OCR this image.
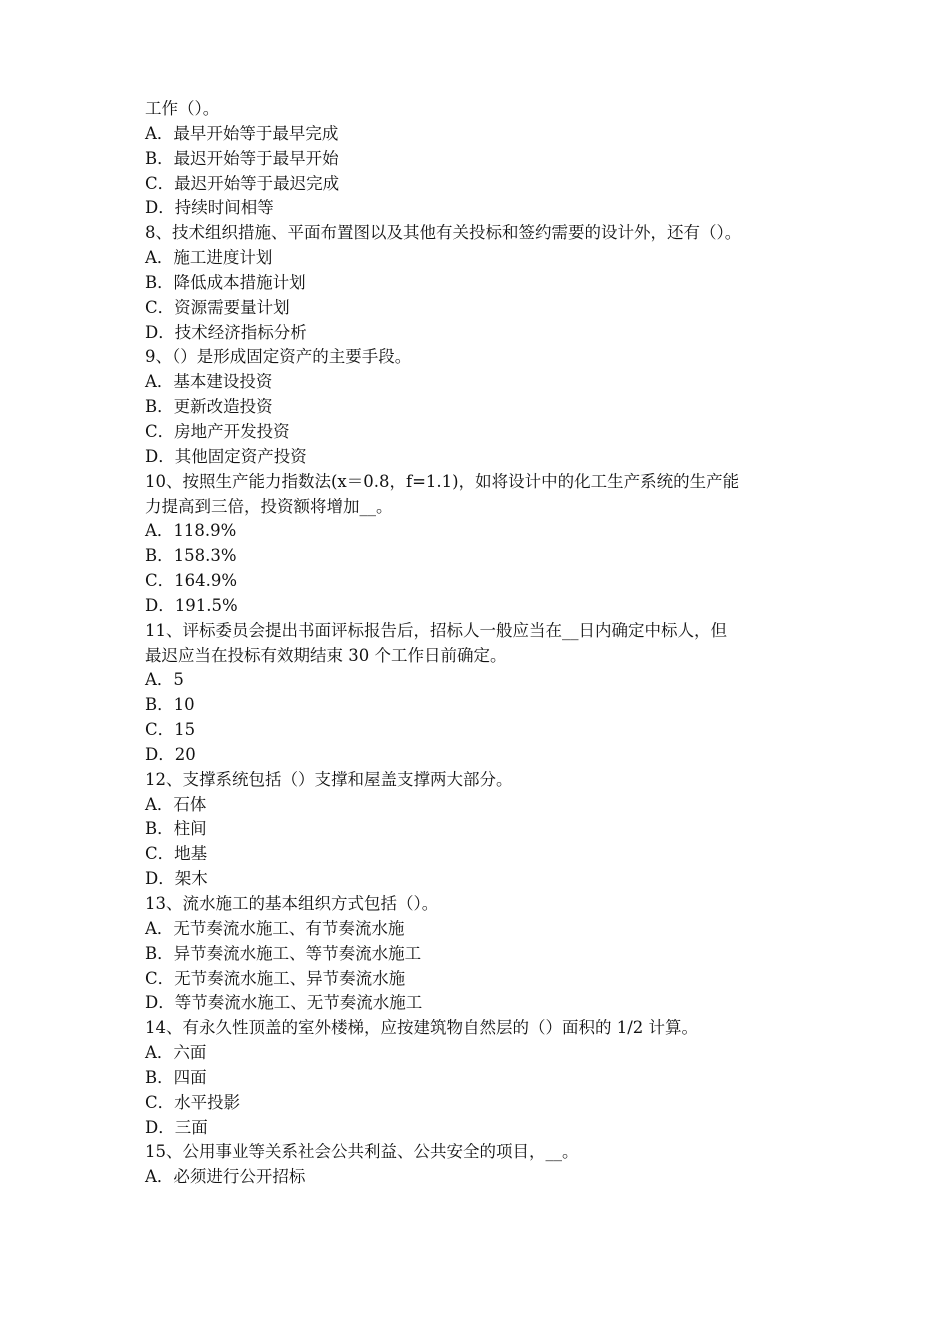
工作（）。
A．最早开始等于最早完成
B．最迟开始等于最早开始
C．最迟开始等于最迟完成
D．持续时间相等
8、技术组织措施、平面布置图以及其他有关投标和签约需要的设计外，还有（）。
A．施工进度计划
B．降低成本措施计划
C．资源需要量计划
D．技术经济指标分析
9、（）是形成固定资产的主要手段。
A．基本建设投资
B．更新改造投资
C．房地产开发投资
D．其他固定资产投资
10、按照生产能力指数法(x＝0.8，f=1.1)，如将设计中的化工生产系统的生产能
力提高到三倍，投资额将增加__。
A．118.9%
B．158.3%
C．164.9%
D．191.5%
11、评标委员会提出书面评标报告后，招标人一般应当在__日内确定中标人，但
最迟应当在投标有效期结束 30 个工作日前确定。
A．5
B．10
C．15
D．20
12、支撑系统包括（）支撑和屋盖支撑两大部分。
A．石体
B．柱间
C．地基
D．架木
13、流水施工的基本组织方式包括（）。
A．无节奏流水施工、有节奏流水施
B．异节奏流水施工、等节奏流水施工
C．无节奏流水施工、异节奏流水施
D．等节奏流水施工、无节奏流水施工
14、有永久性顶盖的室外楼梯，应按建筑物自然层的（）面积的 1/2 计算。
A．六面
B．四面
C．水平投影
D．三面
15、公用事业等关系社会公共利益、公共安全的项目，__。
A．必须进行公开招标
